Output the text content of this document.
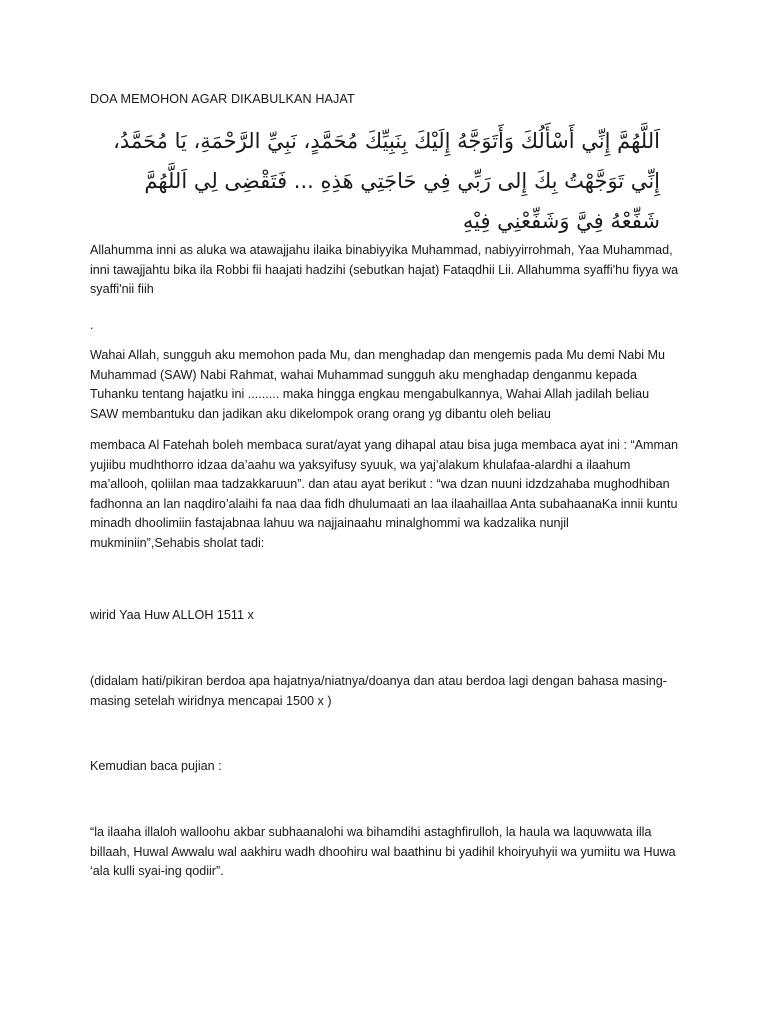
DOA MEMOHON AGAR DIKABULKAN HAJAT

اَللَّهُمَّ إِنِّي أَسْأَلُكَ وَأَتَوَجَّهُ إِلَيْكَ بِنَبِيِّكَ مُحَمَّدٍ، نَبِيِّ الرَّحْمَةِ، يَا مُحَمَّدُ، إِنِّي تَوَجَّهْتُ بِكَ إِلى رَبِّي فِي حَاجَتِي هَذِهِ ... فَتَقْضِى لِي اَللَّهُمَّ شَفِّعْهُ فِيَّ وَشَفِّعْنِي فِيْهِ

Allahumma inni as aluka wa atawajjahu ilaika binabiyyika Muhammad, nabiyyirrohmah, Yaa Muhammad, inni tawajjahtu bika ila Robbi fii haajati hadzihi (sebutkan hajat) Fataqdhii Lii. Allahumma syaffi'hu fiyya wa syaffi'nii fiih

.

Wahai Allah, sungguh aku memohon pada Mu, dan menghadap dan mengemis pada Mu demi Nabi Mu Muhammad (SAW) Nabi Rahmat, wahai Muhammad sungguh aku menghadap denganmu kepada Tuhanku tentang hajatku ini ......... maka hingga engkau mengabulkannya, Wahai Allah jadilah beliau SAW membantuku dan jadikan aku dikelompok orang orang yg dibantu oleh beliau

membaca Al Fatehah boleh membaca surat/ayat yang dihapal atau bisa juga membaca ayat ini : “Amman yujiibu mudhthorro idzaa da’aahu wa yaksyifusy syuuk, wa yaj’alakum khulafaa-alardhi a ilaahum ma’allooh, qoliilan maa tadzakkaruun”. dan atau ayat berikut : “wa dzan nuuni idzdzahaba mughodhiban fadhonna an lan naqdiro’alaihi fa naa daa fidh dhulumaati an laa ilaahaillaa Anta subahaanaKa innii kuntu minadh dhoolimiin fastajabnaa lahuu wa najjainaahu minalghommi wa kadzalika nunjil mukminiin”,Sehabis sholat tadi:

wirid Yaa Huw ALLOH 1511 x

(didalam hati/pikiran berdoa apa hajatnya/niatnya/doanya dan atau berdoa lagi dengan bahasa masing-masing setelah wiridnya mencapai 1500 x )

Kemudian baca pujian :

“la ilaaha illaloh walloohu akbar subhaanalohi wa bihamdihi astaghfirulloh, la haula wa laquwwata illa billaah, Huwal Awwalu wal aakhiru wadh dhoohiru wal baathinu bi yadihil khoiryuhyii wa yumiitu wa Huwa ‘ala kulli syai-ing qodiir”.
